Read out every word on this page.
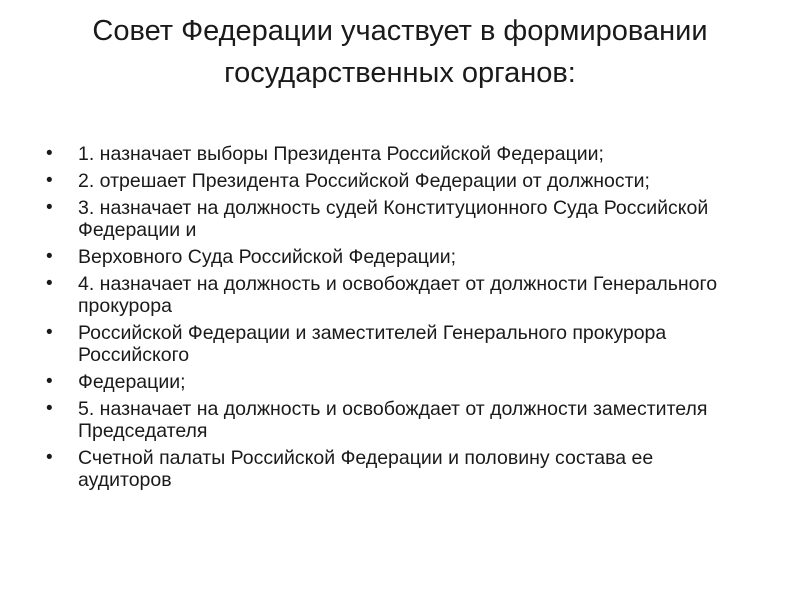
Совет Федерации участвует в формировании государственных органов:
•	1. назначает выборы Президента Российской Федерации;
•	2. отрешает Президента Российской Федерации от должности;
•	3. назначает на должность судей Конституционного Суда Российской Федерации и
•	Верховного Суда Российской Федерации;
•	4. назначает на должность и освобождает от должности Генерального прокурора
•	Российской Федерации и заместителей Генерального прокурора Российского
•	Федерации;
•	5. назначает на должность и освобождает от должности заместителя Председателя
•	Счетной палаты Российской Федерации и половину состава ее аудиторов
